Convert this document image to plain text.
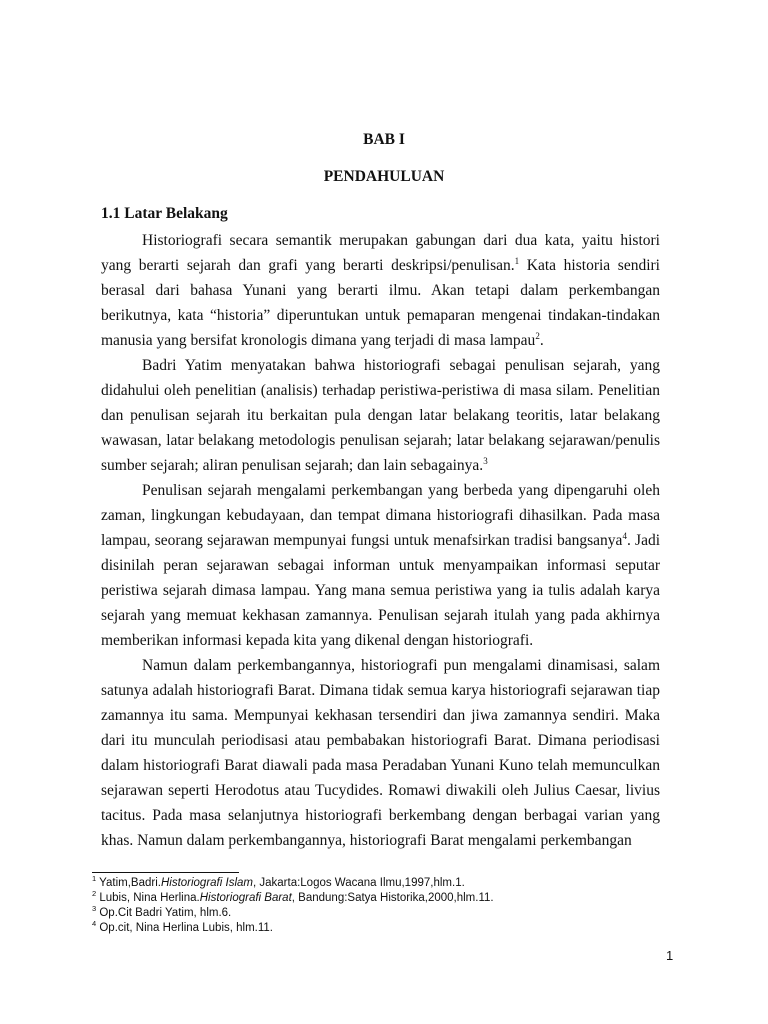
BAB I
PENDAHULUAN
1.1 Latar Belakang

Historiografi secara semantik merupakan gabungan dari dua kata, yaitu histori yang berarti sejarah dan grafi yang berarti deskripsi/penulisan.$^1$ Kata historia sendiri berasal dari bahasa Yunani yang berarti ilmu. Akan tetapi dalam perkembangan berikutnya, kata “historia” diperuntukan untuk pemaparan mengenai tindakan-tindakan manusia yang bersifat kronologis dimana yang terjadi di masa lampau$^2$.

Badri Yatim menyatakan bahwa historiografi sebagai penulisan sejarah, yang didahului oleh penelitian (analisis) terhadap peristiwa-peristiwa di masa silam. Penelitian dan penulisan sejarah itu berkaitan pula dengan latar belakang teoritis, latar belakang wawasan, latar belakang metodologis penulisan sejarah; latar belakang sejarawan/penulis sumber sejarah; aliran penulisan sejarah; dan lain sebagainya.$^3$

Penulisan sejarah mengalami perkembangan yang berbeda yang dipengaruhi oleh zaman, lingkungan kebudayaan, dan tempat dimana historiografi dihasilkan. Pada masa lampau, seorang sejarawan mempunyai fungsi untuk menafsirkan tradisi bangsanya$^4$. Jadi disinilah peran sejarawan sebagai informan untuk menyampaikan informasi seputar peristiwa sejarah dimasa lampau. Yang mana semua peristiwa yang ia tulis adalah karya sejarah yang memuat kekhasan zamannya. Penulisan sejarah itulah yang pada akhirnya memberikan informasi kepada kita yang dikenal dengan historiografi.

Namun dalam perkembangannya, historiografi pun mengalami dinamisasi, salam satunya adalah historiografi Barat. Dimana tidak semua karya historiografi sejarawan tiap zamannya itu sama. Mempunyai kekhasan tersendiri dan jiwa zamannya sendiri. Maka dari itu munculah periodisasi atau pembabakan historiografi Barat. Dimana periodisasi dalam historiografi Barat diawali pada masa Peradaban Yunani Kuno telah memunculkan sejarawan seperti Herodotus atau Tucydides. Romawi diwakili oleh Julius Caesar, livius tacitus. Pada masa selanjutnya historiografi berkembang dengan berbagai varian yang khas. Namun dalam perkembangannya, historiografi Barat mengalami perkembangan

$^1$ Yatim,Badri.Historiografi Islam, Jakarta:Logos Wacana Ilmu,1997,hlm.1.
$^2$ Lubis, Nina Herlina.Historiografi Barat, Bandung:Satya Historika,2000,hlm.11.
$^3$ Op.Cit Badri Yatim, hlm.6.
$^4$ Op.cit, Nina Herlina Lubis, hlm.11.
1
